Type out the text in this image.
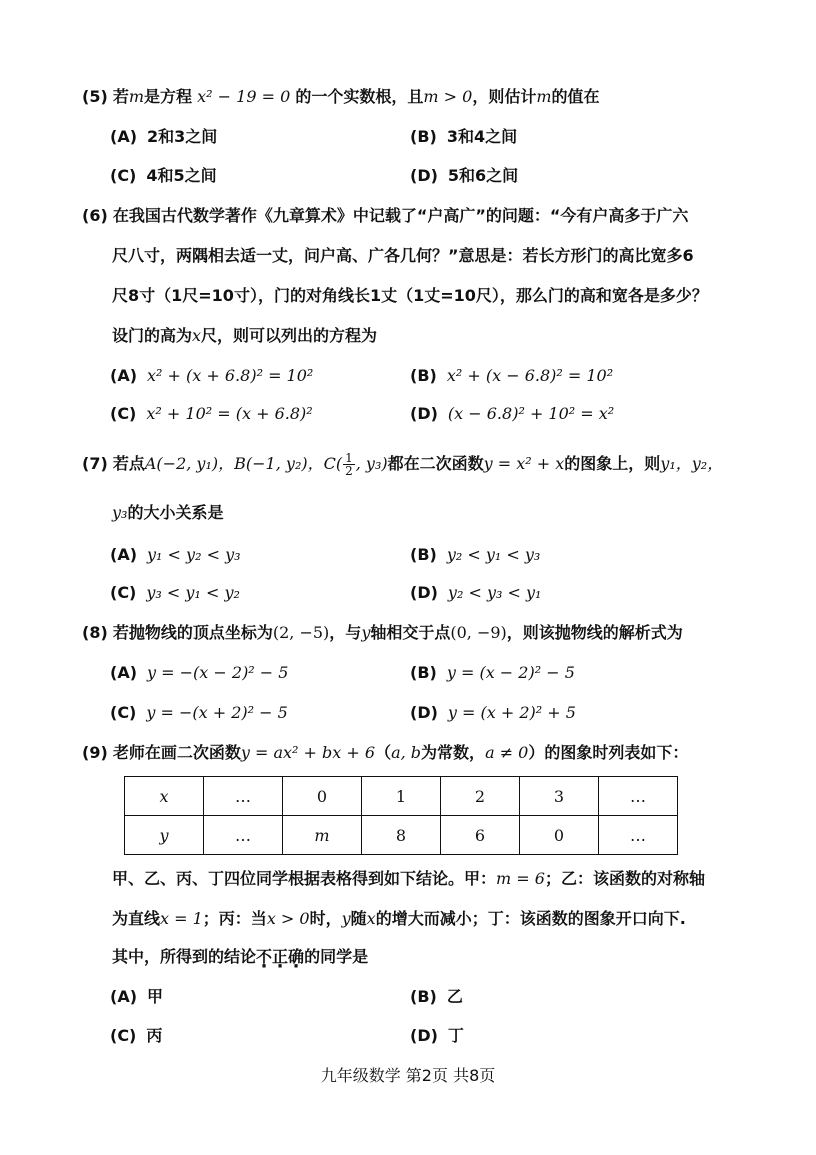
(5) 若m是方程 x² − 19 = 0 的一个实数根，且m > 0，则估计m的值在
(A) 2和3之间	(B) 3和4之间
(C) 4和5之间	(D) 5和6之间
(6) 在我国古代数学著作《九章算术》中记载了“户高广”的问题：“今有户高多于广六
尺八寸，两隅相去适一丈，问户高、广各几何？”意思是：若长方形门的高比宽多6
尺8寸（1尺=10寸），门的对角线长1丈（1丈=10尺），那么门的高和宽各是多少？
设门的高为x尺，则可以列出的方程为
(A) x² + (x + 6.8)² = 10²	(B) x² + (x − 6.8)² = 10²
(C) x² + 10² = (x + 6.8)²	(D) (x − 6.8)² + 10² = x²
(7) 若点A(−2, y₁)，B(−1, y₂)，$C( \frac{1}{2}$ , y₃)都在二次函数y = x² + x的图象上，则y₁，y₂，
y₃的大小关系是
(A) y₁ < y₂ < y₃	(B) y₂ < y₁ < y₃
(C) y₃ < y₁ < y₂	(D) y₂ < y₃ < y₁
(8) 若抛物线的顶点坐标为(2, −5)，与y轴相交于点(0, −9)，则该抛物线的解析式为
(A) y = −(x − 2)² − 5	(B) y = (x − 2)² − 5
(C) y = −(x + 2)² − 5	(D) y = (x + 2)² + 5
(9) 老师在画二次函数y = ax² + bx + 6（a, b为常数，a ≠ 0）的图象时列表如下：
x	…	0	1	2	3	…
y	…	m	8	6	0	…
甲、乙、丙、丁四位同学根据表格得到如下结论。甲：m = 6；乙：该函数的对称轴
为直线x = 1；丙：当x > 0时，y随x的增大而减小；丁：该函数的图象开口向下.
其中，所得到的结论不正确的同学是
(A) 甲	(B) 乙
(C) 丙	(D) 丁
九年级数学 第2页 共8页
